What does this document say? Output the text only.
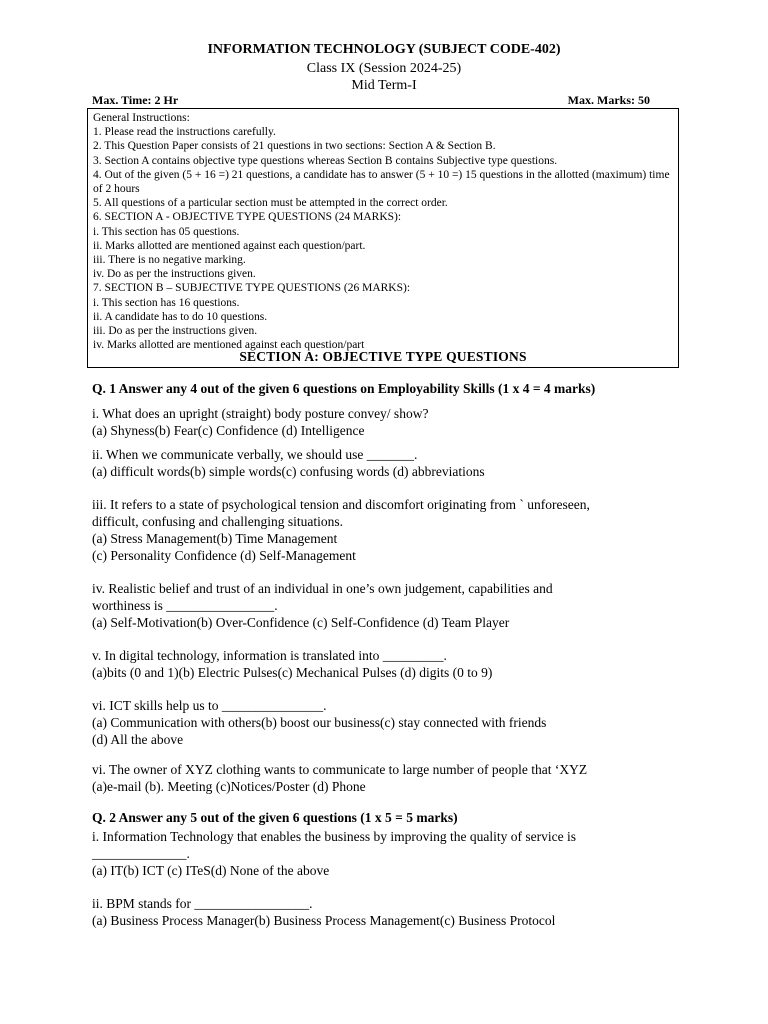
INFORMATION TECHNOLOGY (SUBJECT CODE-402)
Class IX (Session 2024-25)
Mid Term-I
Max. Time: 2 Hr	Max. Marks: 50
General Instructions:
1. Please read the instructions carefully.
2. This Question Paper consists of 21 questions in two sections: Section A & Section B.
3. Section A contains objective type questions whereas Section B contains Subjective type questions.
4. Out of the given (5 + 16 =) 21 questions, a candidate has to answer (5 + 10 =) 15 questions in the allotted (maximum) time of 2 hours
5. All questions of a particular section must be attempted in the correct order.
6. SECTION A - OBJECTIVE TYPE QUESTIONS (24 MARKS):
i. This section has 05 questions.
ii. Marks allotted are mentioned against each question/part.
iii. There is no negative marking.
iv. Do as per the instructions given.
7. SECTION B – SUBJECTIVE TYPE QUESTIONS (26 MARKS):
i. This section has 16 questions.
ii. A candidate has to do 10 questions.
iii. Do as per the instructions given.
iv. Marks allotted are mentioned against each question/part
SECTION A: OBJECTIVE TYPE QUESTIONS
Q. 1 Answer any 4 out of the given 6 questions on Employability Skills (1 x 4 = 4 marks)
i. What does an upright (straight) body posture convey/ show?
(a) Shyness(b) Fear(c) Confidence (d) Intelligence
ii. When we communicate verbally, we should use _______.
(a) difficult words(b) simple words(c) confusing words (d) abbreviations
iii. It refers to a state of psychological tension and discomfort originating from ` unforeseen,
difficult, confusing and challenging situations.
(a) Stress Management(b) Time Management
(c) Personality Confidence (d) Self-Management
iv. Realistic belief and trust of an individual in one’s own judgement, capabilities and
worthiness is ________________.
(a) Self-Motivation(b) Over-Confidence (c) Self-Confidence (d) Team Player
v. In digital technology, information is translated into _________.
(a)bits (0 and 1)(b) Electric Pulses(c) Mechanical Pulses (d) digits (0 to 9)
vi. ICT skills help us to _______________.
(a) Communication with others(b) boost our business(c) stay connected with friends
(d) All the above
vi. The owner of XYZ clothing wants to communicate to large number of people that ‘XYZ
(a)e-mail (b). Meeting (c)Notices/Poster (d) Phone
Q. 2 Answer any 5 out of the given 6 questions (1 x 5 = 5 marks)
i. Information Technology that enables the business by improving the quality of service is
______________.
(a) IT(b) ICT (c) ITeS(d) None of the above
ii. BPM stands for _________________.
(a) Business Process Manager(b) Business Process Management(c) Business Protocol
